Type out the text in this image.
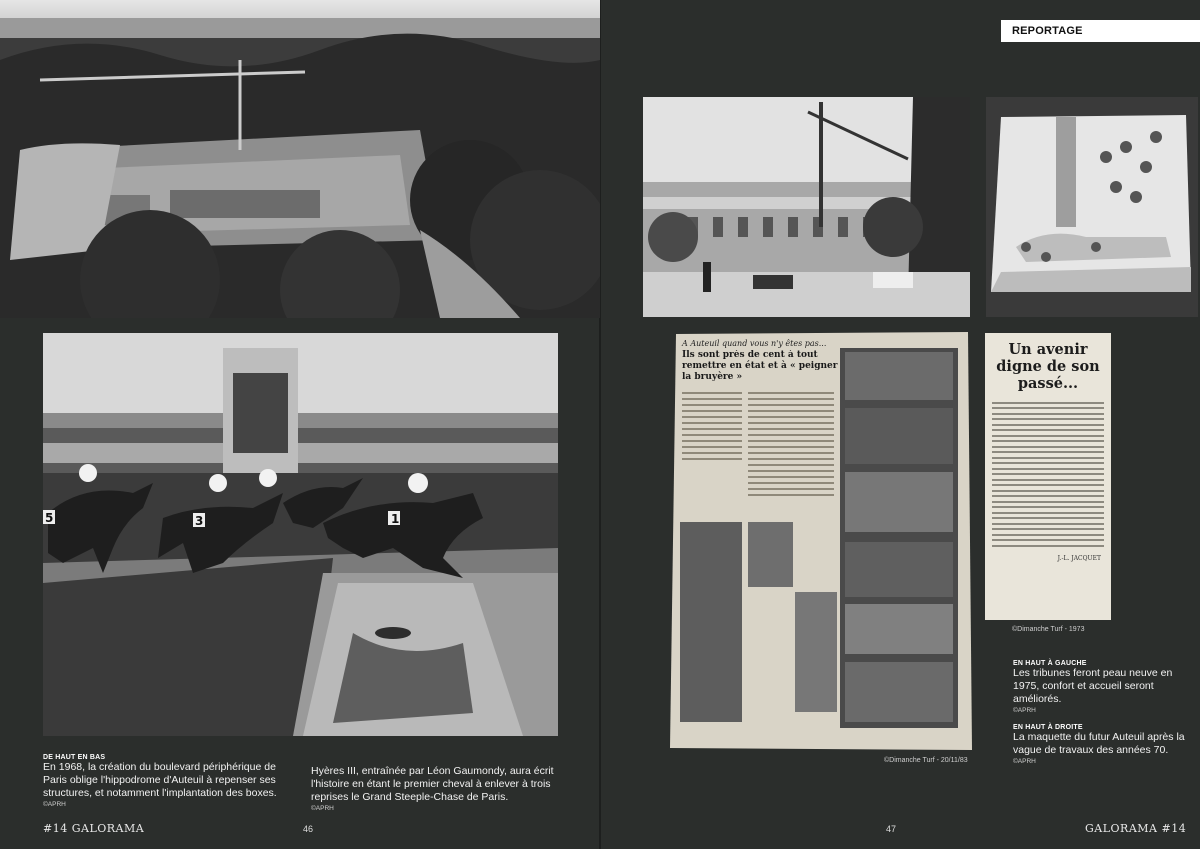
5	3	1
REPORTAGE
A Auteuil quand vous n'y êtes pas...
Ils sont près de cent à tout remettre en état et à « peigner la bruyère »
Un avenir digne de son passé...
J.-L. JACQUET
©Dimanche Turf - 1973
©Dimanche Turf - 20/11/83
DE HAUT EN BAS
En 1968, la création du boulevard périphérique de Paris oblige l'hippodrome d'Auteuil à repenser ses structures, et notamment l'implantation des boxes.
©APRH
Hyères III, entraînée par Léon Gaumondy, aura écrit l'histoire en étant le premier cheval à enlever à trois reprises le Grand Steeple-Chase de Paris.
©APRH
EN HAUT À GAUCHE
Les tribunes feront peau neuve en 1975, confort et accueil seront améliorés.
©APRH
EN HAUT À DROITE
La maquette du futur Auteuil après la vague de travaux des années 70.
©APRH
#14 GALORAMA	46	47	GALORAMA #14
